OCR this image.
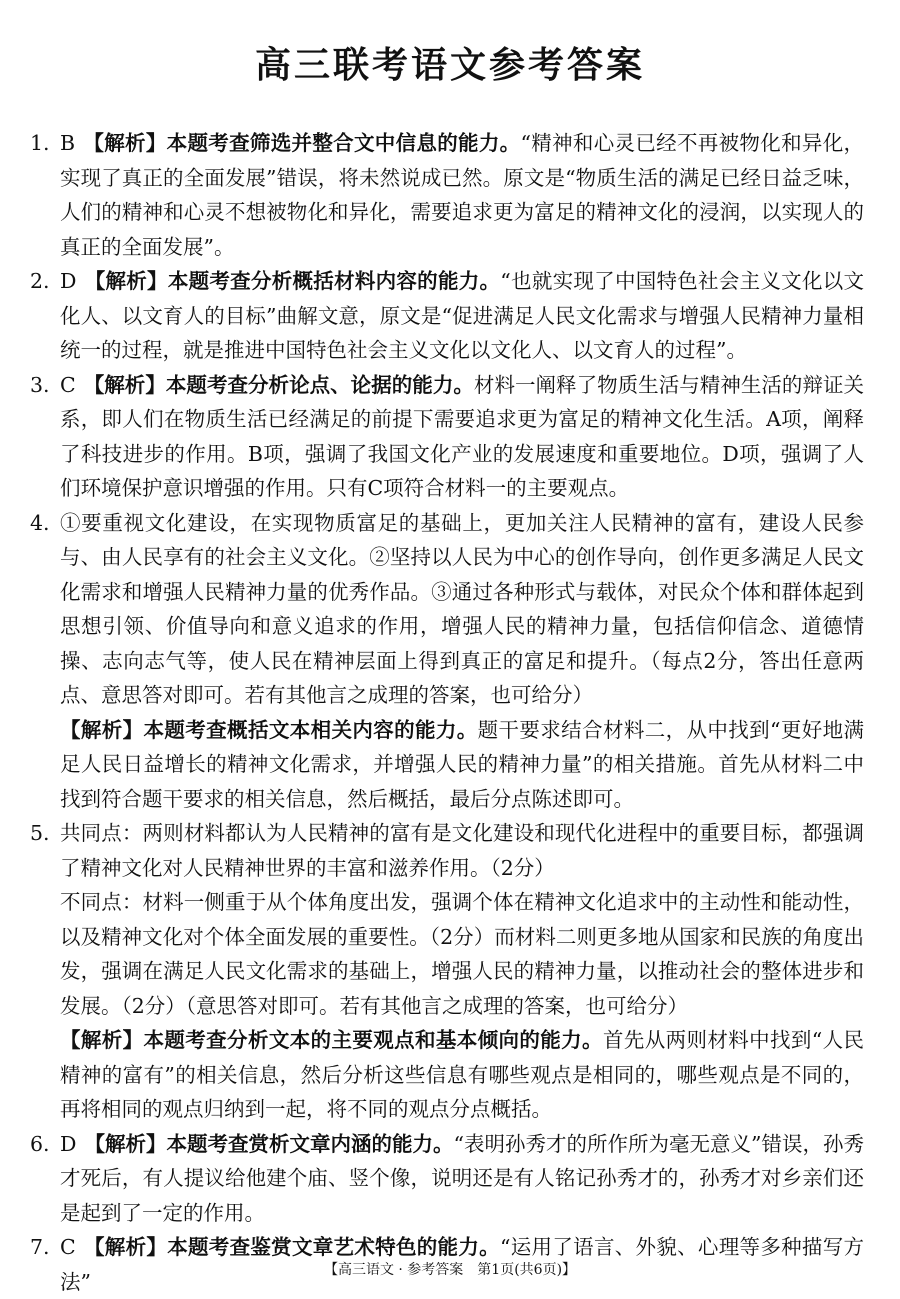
高三联考语文参考答案

1. B 【解析】本题考查筛选并整合文中信息的能力。“精神和心灵已经不再被物化和异化，实现了真正的全面发展”错误，将未然说成已然。原文是“物质生活的满足已经日益乏味，人们的精神和心灵不想被物化和异化，需要追求更为富足的精神文化的浸润，以实现人的真正的全面发展”。

2. D 【解析】本题考查分析概括材料内容的能力。“也就实现了中国特色社会主义文化以文化人、以文育人的目标”曲解文意，原文是“促进满足人民文化需求与增强人民精神力量相统一的过程，就是推进中国特色社会主义文化以文化人、以文育人的过程”。

3. C 【解析】本题考查分析论点、论据的能力。材料一阐释了物质生活与精神生活的辩证关系，即人们在物质生活已经满足的前提下需要追求更为富足的精神文化生活。A项，阐释了科技进步的作用。B项，强调了我国文化产业的发展速度和重要地位。D项，强调了人们环境保护意识增强的作用。只有C项符合材料一的主要观点。

4. ①要重视文化建设，在实现物质富足的基础上，更加关注人民精神的富有，建设人民参与、由人民享有的社会主义文化。②坚持以人民为中心的创作导向，创作更多满足人民文化需求和增强人民精神力量的优秀作品。③通过各种形式与载体，对民众个体和群体起到思想引领、价值导向和意义追求的作用，增强人民的精神力量，包括信仰信念、道德情操、志向志气等，使人民在精神层面上得到真正的富足和提升。（每点2分，答出任意两点、意思答对即可。若有其他言之成理的答案，也可给分）

【解析】本题考查概括文本相关内容的能力。题干要求结合材料二，从中找到“更好地满足人民日益增长的精神文化需求，并增强人民的精神力量”的相关措施。首先从材料二中找到符合题干要求的相关信息，然后概括，最后分点陈述即可。

5. 共同点：两则材料都认为人民精神的富有是文化建设和现代化进程中的重要目标，都强调了精神文化对人民精神世界的丰富和滋养作用。（2分）

不同点：材料一侧重于从个体角度出发，强调个体在精神文化追求中的主动性和能动性，以及精神文化对个体全面发展的重要性。（2分）而材料二则更多地从国家和民族的角度出发，强调在满足人民文化需求的基础上，增强人民的精神力量，以推动社会的整体进步和发展。（2分）（意思答对即可。若有其他言之成理的答案，也可给分）

【解析】本题考查分析文本的主要观点和基本倾向的能力。首先从两则材料中找到“人民精神的富有”的相关信息，然后分析这些信息有哪些观点是相同的，哪些观点是不同的，再将相同的观点归纳到一起，将不同的观点分点概括。

6. D 【解析】本题考查赏析文章内涵的能力。“表明孙秀才的所作所为毫无意义”错误，孙秀才死后，有人提议给他建个庙、竖个像，说明还是有人铭记孙秀才的，孙秀才对乡亲们还是起到了一定的作用。

7. C 【解析】本题考查鉴赏文章艺术特色的能力。“运用了语言、外貌、心理等多种描写方法”	【高三语文 · 参考答案　第1页(共6页)】
